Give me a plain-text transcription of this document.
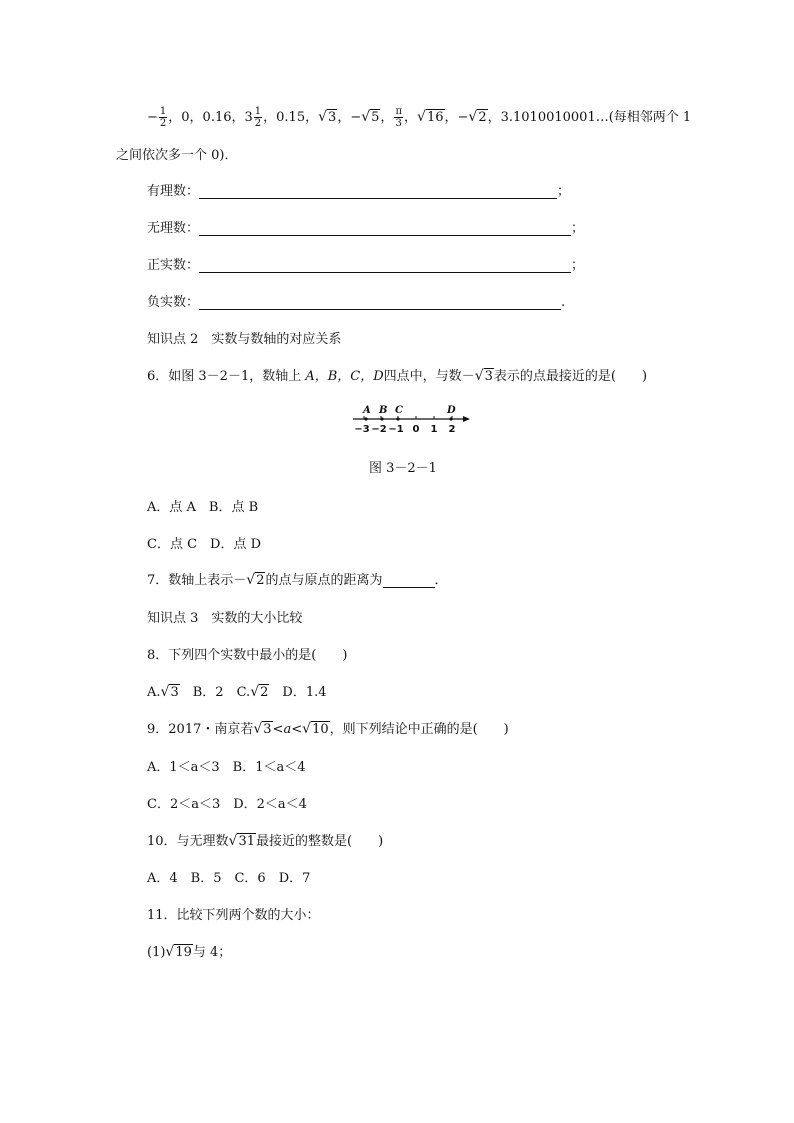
− $\frac{1}{2}$ ，0，0.16，$3 \frac{1}{2}$ ，0.15，√3，−√5， $\frac{\pi}{3}$ ，√16，−√2，3.1010010001…(每相邻两个 1
之间依次多一个 0)．
有理数：	；
无理数：	；
正实数：	；
负实数：	.
知识点 2　实数与数轴的对应关系
6．如图 3－2－1，数轴上 A，B，C，D四点中，与数－√3表示的点最接近的是(　　)
A B C	D
−3 −2 −1 0 1 2
图 3－2－1
A．点 A　B．点 B
C．点 C　D．点 D
7．数轴上表示－√2的点与原点的距离为	．
知识点 3　实数的大小比较
8．下列四个实数中最小的是(　　)
A.√3　 B．2　C.√2　 D．1.4
9．2017・南京若√3<a<√10，则下列结论中正确的是(　　)
A．1＜a＜3　B．1＜a＜4
C．2＜a＜3　D．2＜a＜4
10．与无理数√31最接近的整数是(　　)
A．4　B．5　C．6　D．7
11．比较下列两个数的大小：
(1)√19与 4；
